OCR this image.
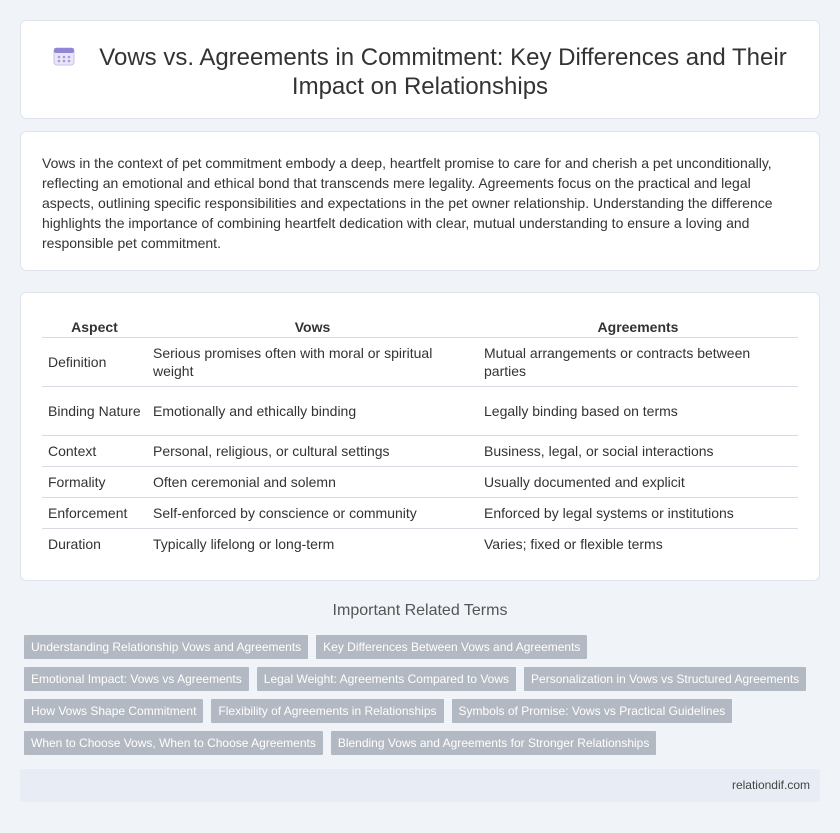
Vows vs. Agreements in Commitment: Key Differences and Their Impact on Relationships

Vows in the context of pet commitment embody a deep, heartfelt promise to care for and cherish a pet unconditionally, reflecting an emotional and ethical bond that transcends mere legality. Agreements focus on the practical and legal aspects, outlining specific responsibilities and expectations in the pet owner relationship. Understanding the difference highlights the importance of combining heartfelt dedication with clear, mutual understanding to ensure a loving and responsible pet commitment.

Aspect	Vows	Agreements
Definition	Serious promises often with moral or spiritual weight	Mutual arrangements or contracts between parties
Binding Nature	Emotionally and ethically binding	Legally binding based on terms
Context	Personal, religious, or cultural settings	Business, legal, or social interactions
Formality	Often ceremonial and solemn	Usually documented and explicit
Enforcement	Self-enforced by conscience or community	Enforced by legal systems or institutions
Duration	Typically lifelong or long-term	Varies; fixed or flexible terms
Important Related Terms
Understanding Relationship Vows and Agreements	Key Differences Between Vows and Agreements
Emotional Impact: Vows vs Agreements	Legal Weight: Agreements Compared to Vows	Personalization in Vows vs Structured Agreements
How Vows Shape Commitment	Flexibility of Agreements in Relationships	Symbols of Promise: Vows vs Practical Guidelines
When to Choose Vows, When to Choose Agreements	Blending Vows and Agreements for Stronger Relationships
relationdif.com
